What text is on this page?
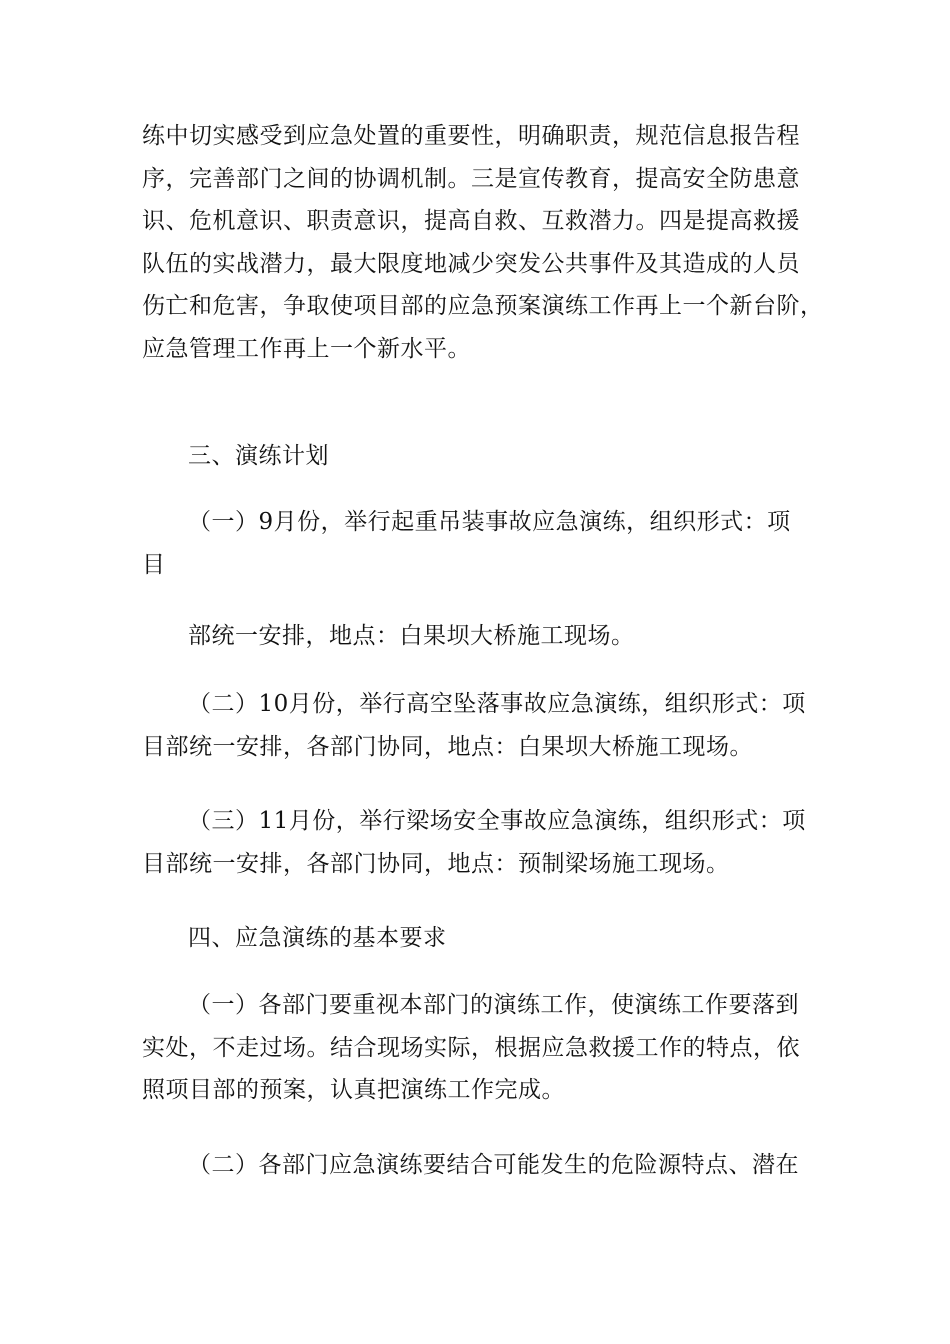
练中切实感受到应急处置的重要性，明确职责，规范信息报告程
序，完善部门之间的协调机制。三是宣传教育，提高安全防患意
识、危机意识、职责意识，提高自救、互救潜力。四是提高救援
队伍的实战潜力，最大限度地减少突发公共事件及其造成的人员
伤亡和危害，争取使项目部的应急预案演练工作再上一个新台阶，
应急管理工作再上一个新水平。
三、演练计划
（一）9月份，举行起重吊装事故应急演练，组织形式：项
目
部统一安排，地点：白果坝大桥施工现场。
（二）10月份，举行高空坠落事故应急演练，组织形式：项
目部统一安排，各部门协同，地点：白果坝大桥施工现场。
（三）11月份，举行梁场安全事故应急演练，组织形式：项
目部统一安排，各部门协同，地点：预制梁场施工现场。
四、应急演练的基本要求
（一）各部门要重视本部门的演练工作，使演练工作要落到
实处，不走过场。结合现场实际，根据应急救援工作的特点，依
照项目部的预案，认真把演练工作完成。
（二）各部门应急演练要结合可能发生的危险源特点、潜在
